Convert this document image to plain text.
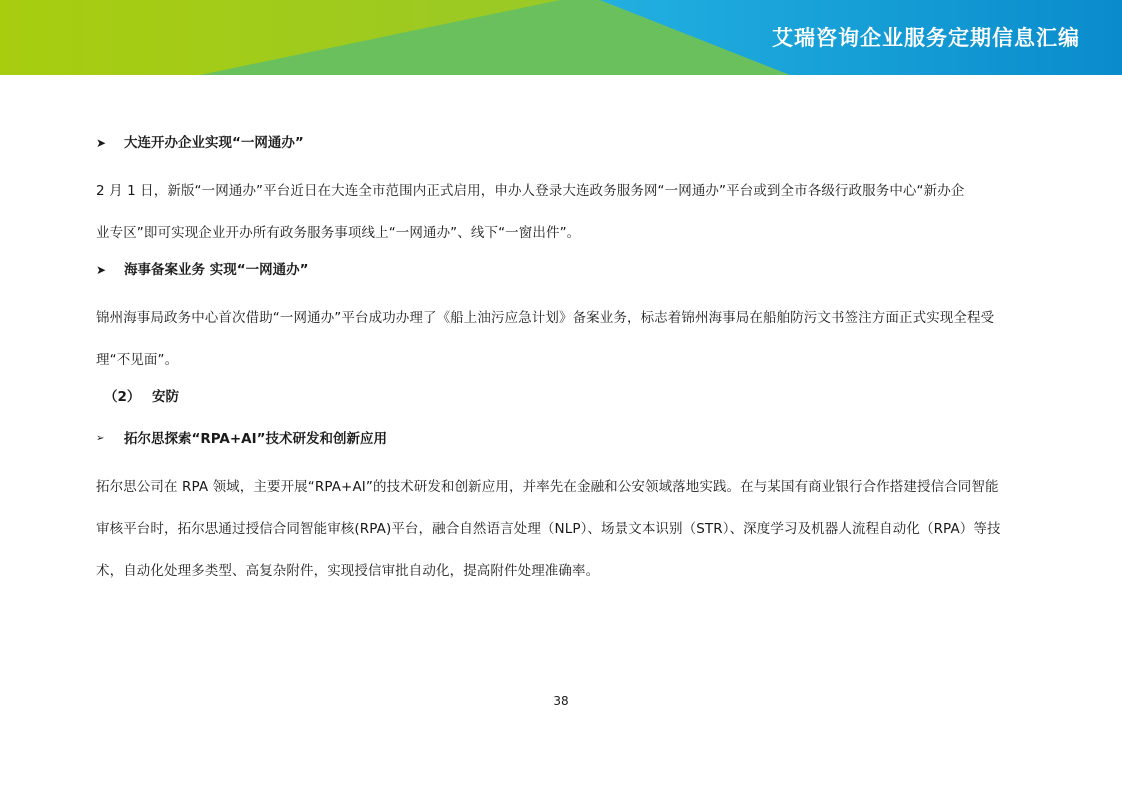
艾瑞咨询企业服务定期信息汇编
➤ 大连开办企业实现“一网通办”
2 月 1 日，新版“一网通办”平台近日在大连全市范围内正式启用，申办人登录大连政务服务网“一网通办”平台或到全市各级行政服务中心“新办企
业专区”即可实现企业开办所有政务服务事项线上“一网通办”、线下“一窗出件”。
➤ 海事备案业务 实现“一网通办”
锦州海事局政务中心首次借助“一网通办”平台成功办理了《船上油污应急计划》备案业务，标志着锦州海事局在船舶防污文书签注方面正式实现全程受
理“不见面”。
（2） 安防
➢ 拓尔思探索“RPA+AI”技术研发和创新应用
拓尔思公司在 RPA 领域，主要开展“RPA+AI”的技术研发和创新应用，并率先在金融和公安领域落地实践。在与某国有商业银行合作搭建授信合同智能
审核平台时，拓尔思通过授信合同智能审核(RPA)平台，融合自然语言处理（NLP）、场景文本识别（STR）、深度学习及机器人流程自动化（RPA）等技
术，自动化处理多类型、高复杂附件，实现授信审批自动化，提高附件处理准确率。
38
